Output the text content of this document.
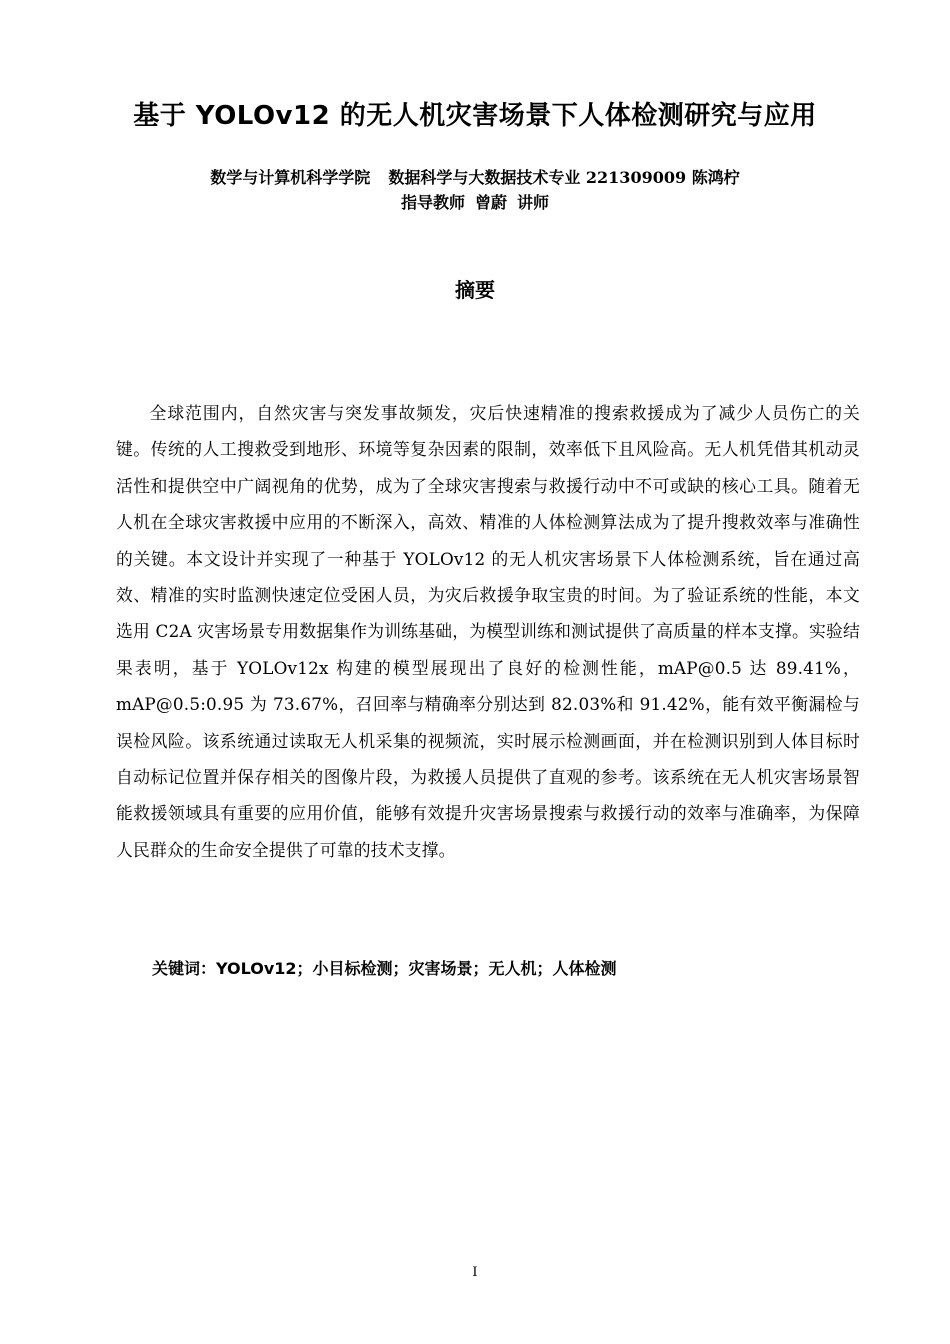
基于 YOLOv12 的无人机灾害场景下人体检测研究与应用
数学与计算机科学学院 数据科学与大数据技术专业 221309009 陈鸿柠
指导教师 曾蔚 讲师
摘要

全球范围内，自然灾害与突发事故频发，灾后快速精准的搜索救援成为了减少人员伤亡的关键。传统的人工搜救受到地形、环境等复杂因素的限制，效率低下且风险高。无人机凭借其机动灵活性和提供空中广阔视角的优势，成为了全球灾害搜索与救援行动中不可或缺的核心工具。随着无人机在全球灾害救援中应用的不断深入，高效、精准的人体检测算法成为了提升搜救效率与准确性的关键。本文设计并实现了一种基于 YOLOv12 的无人机灾害场景下人体检测系统，旨在通过高效、精准的实时监测快速定位受困人员，为灾后救援争取宝贵的时间。为了验证系统的性能，本文选用 C2A 灾害场景专用数据集作为训练基础，为模型训练和测试提供了高质量的样本支撑。实验结果表明，基于 YOLOv12x 构建的模型展现出了良好的检测性能，mAP@0.5 达 89.41%，mAP@0.5:0.95 为 73.67%，召回率与精确率分别达到 82.03%和 91.42%，能有效平衡漏检与误检风险。该系统通过读取无人机采集的视频流，实时展示检测画面，并在检测识别到人体目标时自动标记位置并保存相关的图像片段，为救援人员提供了直观的参考。该系统在无人机灾害场景智能救援领域具有重要的应用价值，能够有效提升灾害场景搜索与救援行动的效率与准确率，为保障人民群众的生命安全提供了可靠的技术支撑。

关键词：YOLOv12；小目标检测；灾害场景；无人机；人体检测
I
